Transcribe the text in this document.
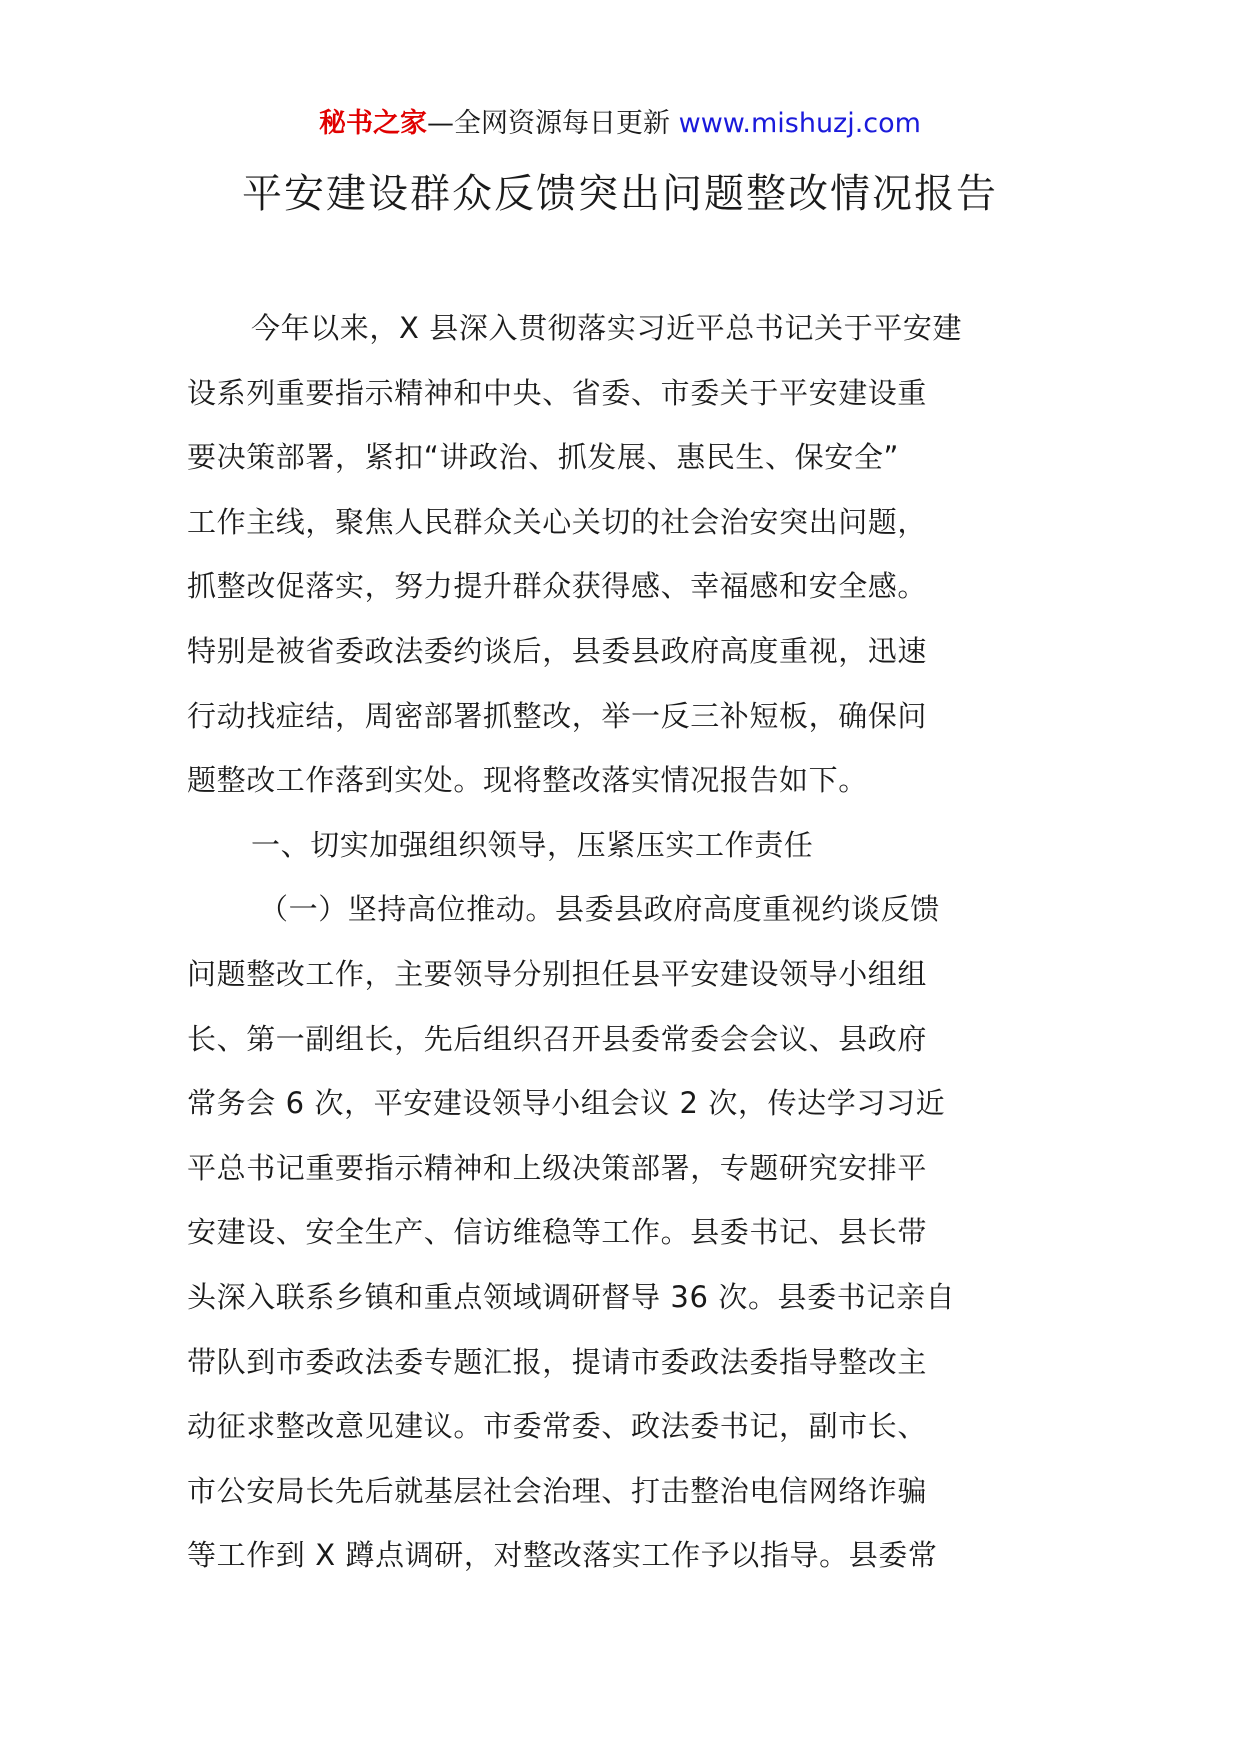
秘书之家—全网资源每日更新 www.mishuzj.com
平安建设群众反馈突出问题整改情况报告
今年以来，X 县深入贯彻落实习近平总书记关于平安建
设系列重要指示精神和中央、省委、市委关于平安建设重
要决策部署，紧扣“讲政治、抓发展、惠民生、保安全”
工作主线，聚焦人民群众关心关切的社会治安突出问题，
抓整改促落实，努力提升群众获得感、幸福感和安全感。
特别是被省委政法委约谈后，县委县政府高度重视，迅速
行动找症结，周密部署抓整改，举一反三补短板，确保问
题整改工作落到实处。现将整改落实情况报告如下。
一、切实加强组织领导，压紧压实工作责任
（一）坚持高位推动。县委县政府高度重视约谈反馈
问题整改工作，主要领导分别担任县平安建设领导小组组
长、第一副组长，先后组织召开县委常委会会议、县政府
常务会 6 次，平安建设领导小组会议 2 次，传达学习习近
平总书记重要指示精神和上级决策部署，专题研究安排平
安建设、安全生产、信访维稳等工作。县委书记、县长带
头深入联系乡镇和重点领域调研督导 36 次。县委书记亲自
带队到市委政法委专题汇报，提请市委政法委指导整改主
动征求整改意见建议。市委常委、政法委书记，副市长、
市公安局长先后就基层社会治理、打击整治电信网络诈骗
等工作到 X 蹲点调研，对整改落实工作予以指导。县委常
